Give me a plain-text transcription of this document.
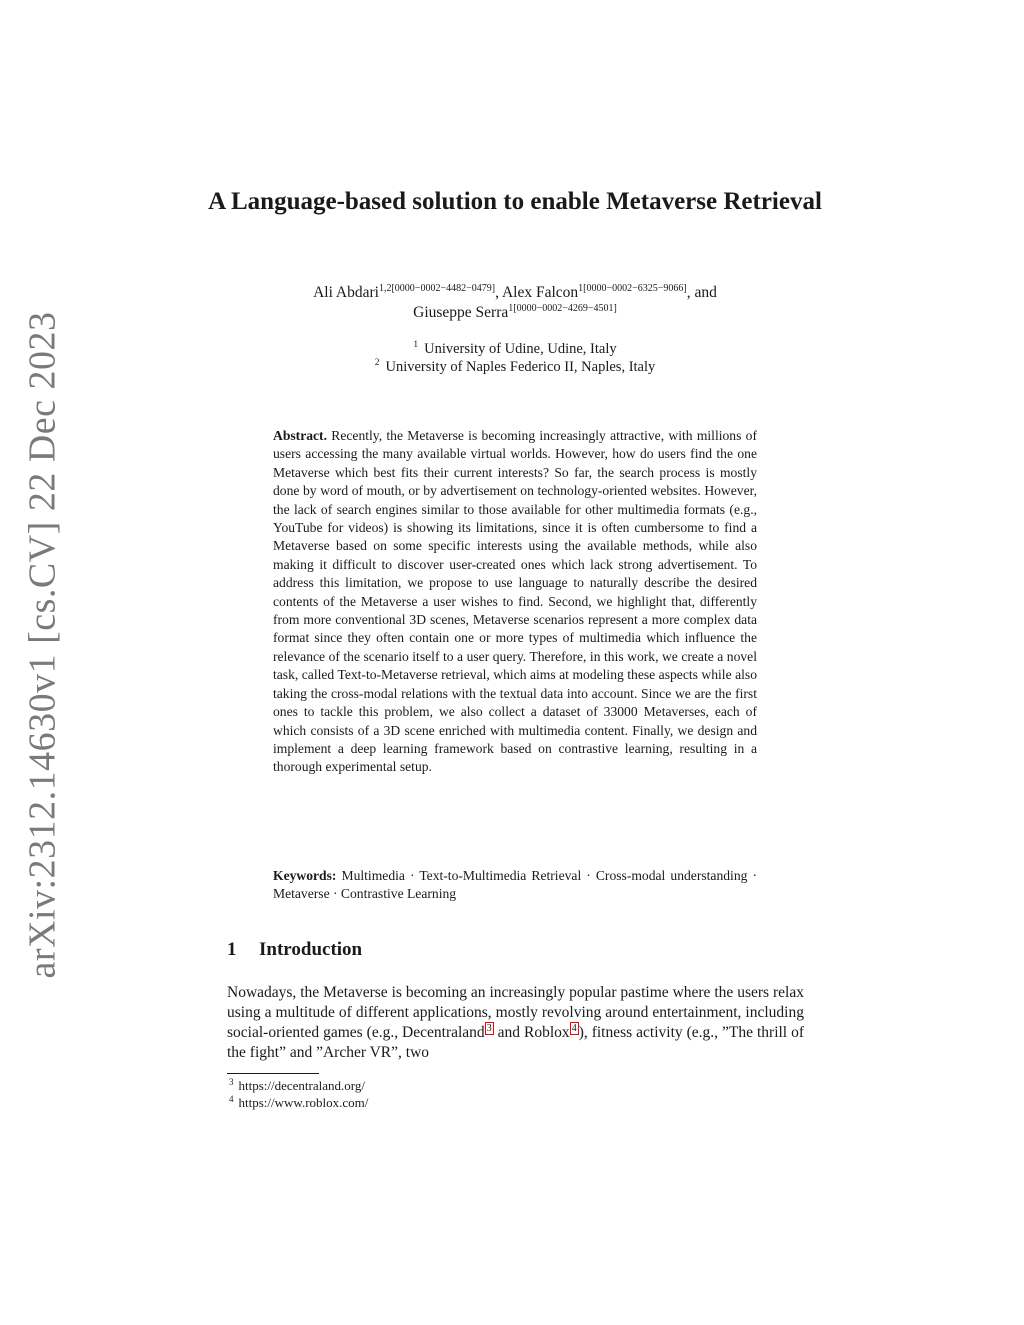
arXiv:2312.14630v1 [cs.CV] 22 Dec 2023
A Language-based solution to enable Metaverse Retrieval
Ali Abdari$^{1,2[0000-0002-4482-0479]}$, Alex Falcon$^{1[0000-0002-6325-9066]}$, and
Giuseppe Serra$^{1[0000-0002-4269-4501]}$
$^1$ University of Udine, Udine, Italy
$^2$ University of Naples Federico II, Naples, Italy

Abstract. Recently, the Metaverse is becoming increasingly attractive, with millions of users accessing the many available virtual worlds. However, how do users find the one Metaverse which best fits their current interests? So far, the search process is mostly done by word of mouth, or by advertisement on technology-oriented websites. However, the lack of search engines similar to those available for other multimedia formats (e.g., YouTube for videos) is showing its limitations, since it is often cumbersome to find a Metaverse based on some specific interests using the available methods, while also making it difficult to discover user-created ones which lack strong advertisement. To address this limitation, we propose to use language to naturally describe the desired contents of the Metaverse a user wishes to find. Second, we highlight that, differently from more conventional 3D scenes, Metaverse scenarios represent a more complex data format since they often contain one or more types of multimedia which influence the relevance of the scenario itself to a user query. Therefore, in this work, we create a novel task, called Text-to-Metaverse retrieval, which aims at modeling these aspects while also taking the cross-modal relations with the textual data into account. Since we are the first ones to tackle this problem, we also collect a dataset of 33000 Metaverses, each of which consists of a 3D scene enriched with multimedia content. Finally, we design and implement a deep learning framework based on contrastive learning, resulting in a thorough experimental setup.

Keywords: Multimedia · Text-to-Multimedia Retrieval · Cross-modal understanding · Metaverse · Contrastive Learning

1 Introduction

Nowadays, the Metaverse is becoming an increasingly popular pastime where the users relax using a multitude of different applications, mostly revolving around entertainment, including social-oriented games (e.g., Decentraland $^3$ and Roblox $^4$ ), fitness activity (e.g., ”The thrill of the fight” and ”Archer VR”, two

$^3$ https://decentraland.org/
$^4$ https://www.roblox.com/
